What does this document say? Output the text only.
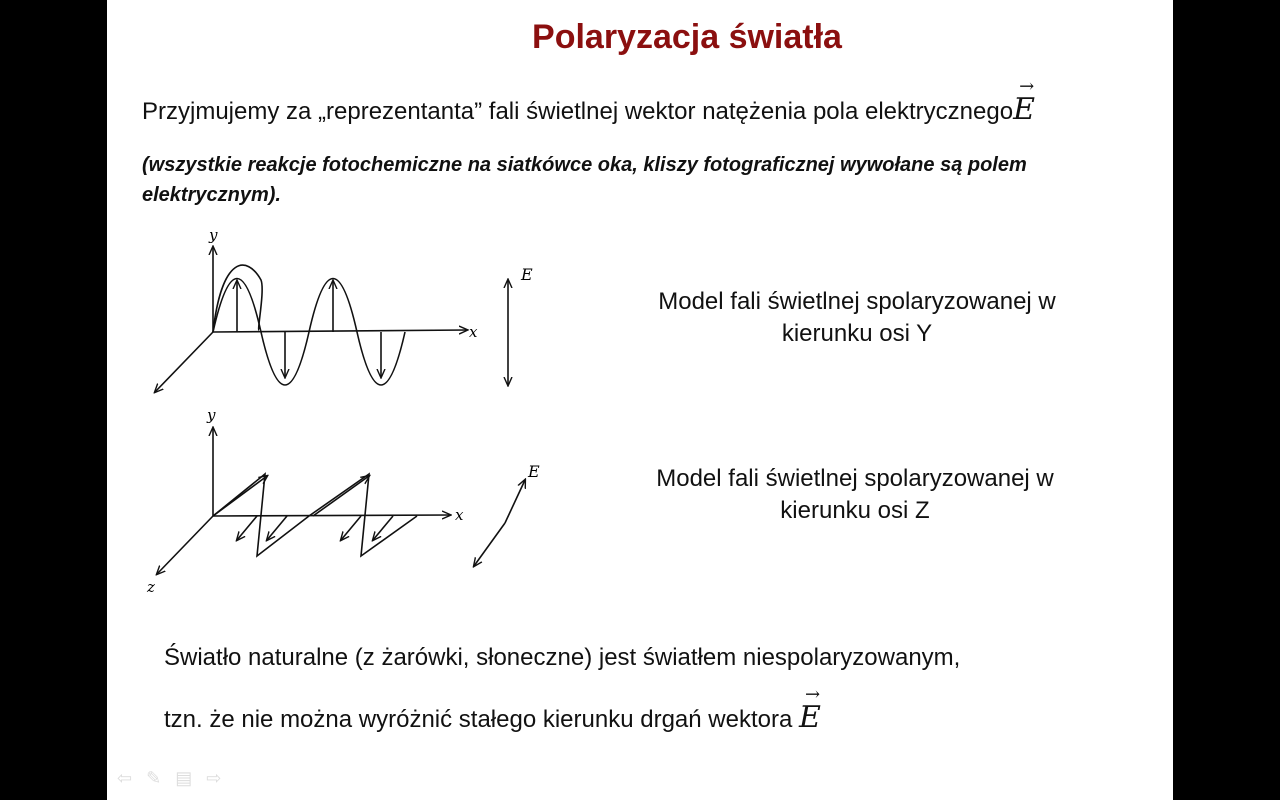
Polaryzacja światła
Przyjmujemy za „reprezentanta” fali świetlnej wektor natężenia pola elektrycznego
→
E
(wszystkie reakcje fotochemiczne na siatkówce oka, kliszy fotograficznej wywołane są polem elektrycznym).
y
x
E
y
x
z
E
Model fali świetlnej spolaryzowanej w kierunku osi Y
Model fali świetlnej spolaryzowanej w kierunku osi Z
Światło naturalne (z żarówki, słoneczne) jest światłem niespolaryzowanym,
tzn. że nie można wyróżnić stałego kierunku drgań wektora
→
E
⇦ ✎ ▤ ⇨
